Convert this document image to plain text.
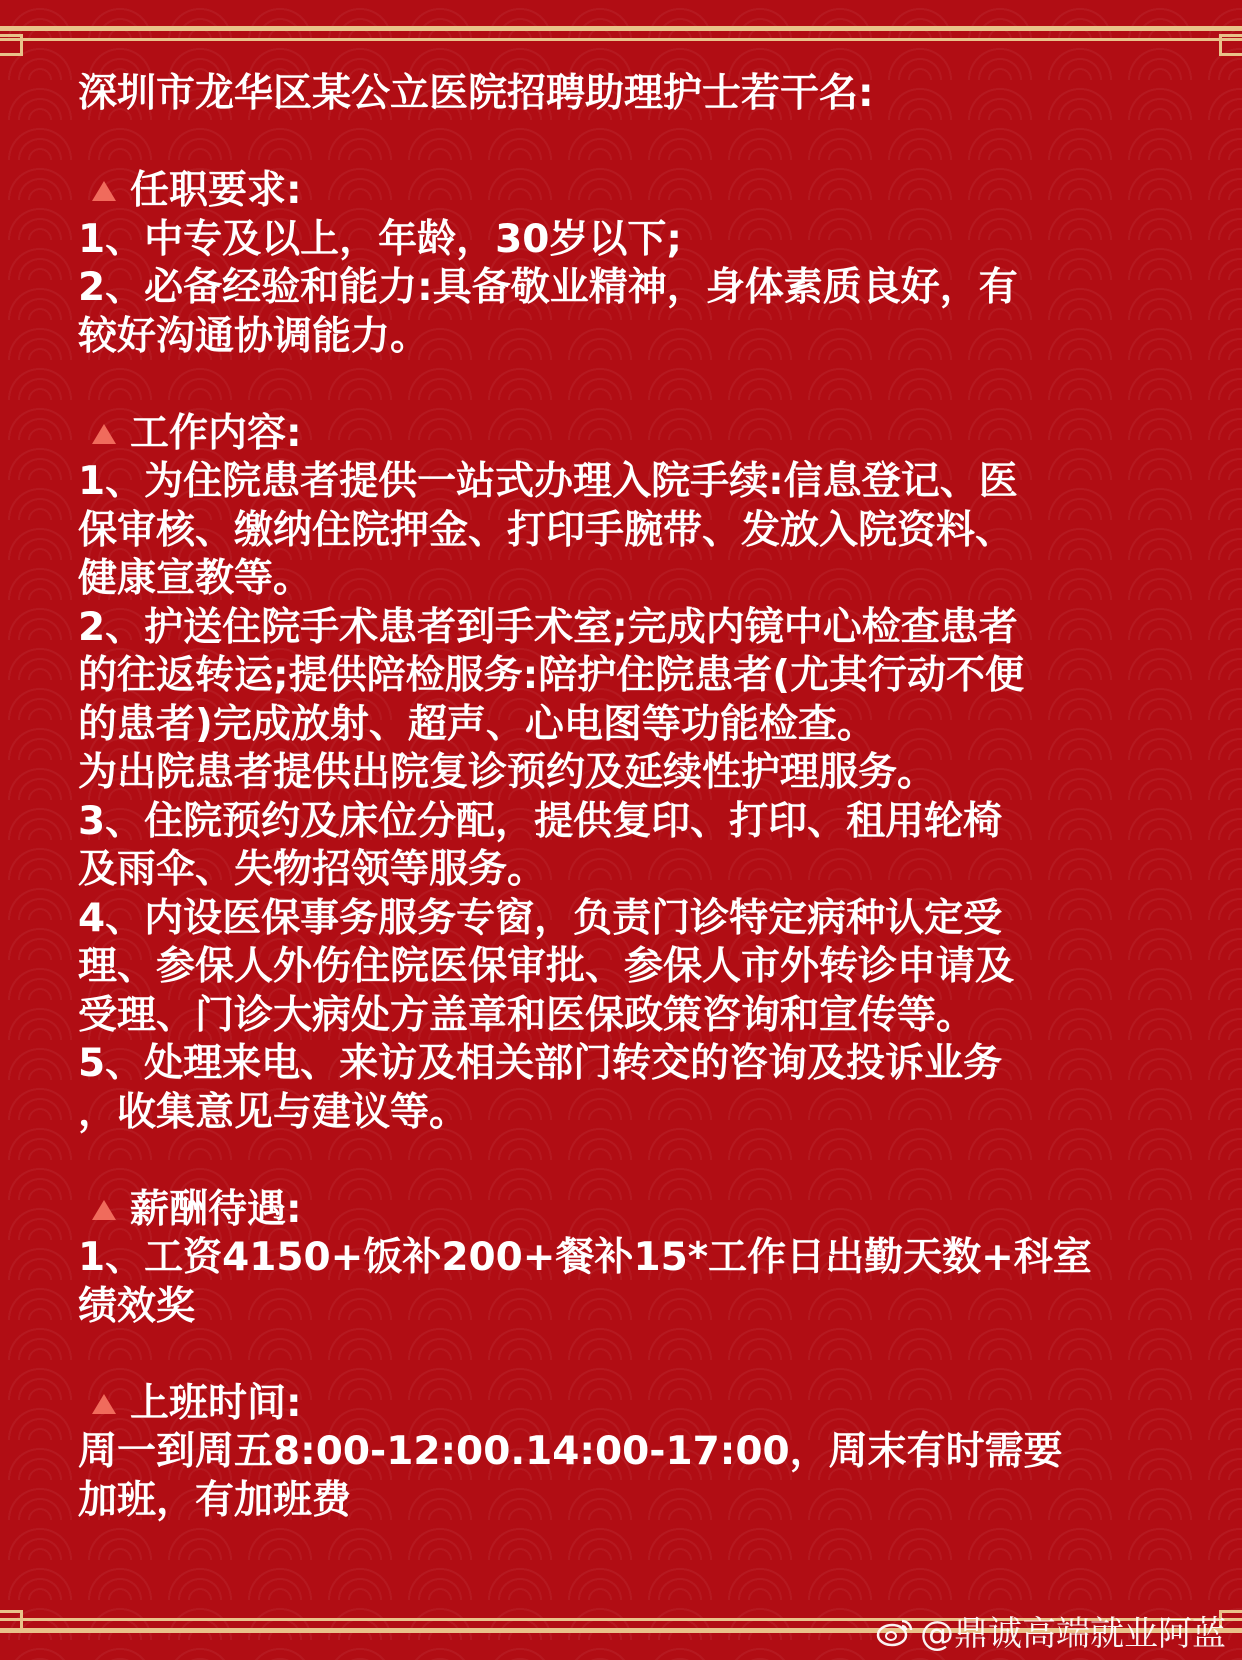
深圳市龙华区某公立医院招聘助理护士若干名:
任职要求:
1、中专及以上，年龄，30岁以下;
2、必备经验和能力:具备敬业精神，身体素质良好，有
较好沟通协调能力。
工作内容:
1、为住院患者提供一站式办理入院手续:信息登记、医
保审核、缴纳住院押金、打印手腕带、发放入院资料、
健康宣教等。
2、护送住院手术患者到手术室;完成内镜中心检查患者
的往返转运;提供陪检服务:陪护住院患者(尤其行动不便
的患者)完成放射、超声、心电图等功能检查。
为出院患者提供出院复诊预约及延续性护理服务。
3、住院预约及床位分配，提供复印、打印、租用轮椅
及雨伞、失物招领等服务。
4、内设医保事务服务专窗，负责门诊特定病种认定受
理、参保人外伤住院医保审批、参保人市外转诊申请及
受理、门诊大病处方盖章和医保政策咨询和宣传等。
5、处理来电、来访及相关部门转交的咨询及投诉业务
，收集意见与建议等。
薪酬待遇:
1、工资4150+饭补200+餐补15*工作日出勤天数+科室
绩效奖
上班时间:
周一到周五8:00-12:00.14:00-17:00，周末有时需要
加班，有加班费
@鼎诚高端就业阿蓝
